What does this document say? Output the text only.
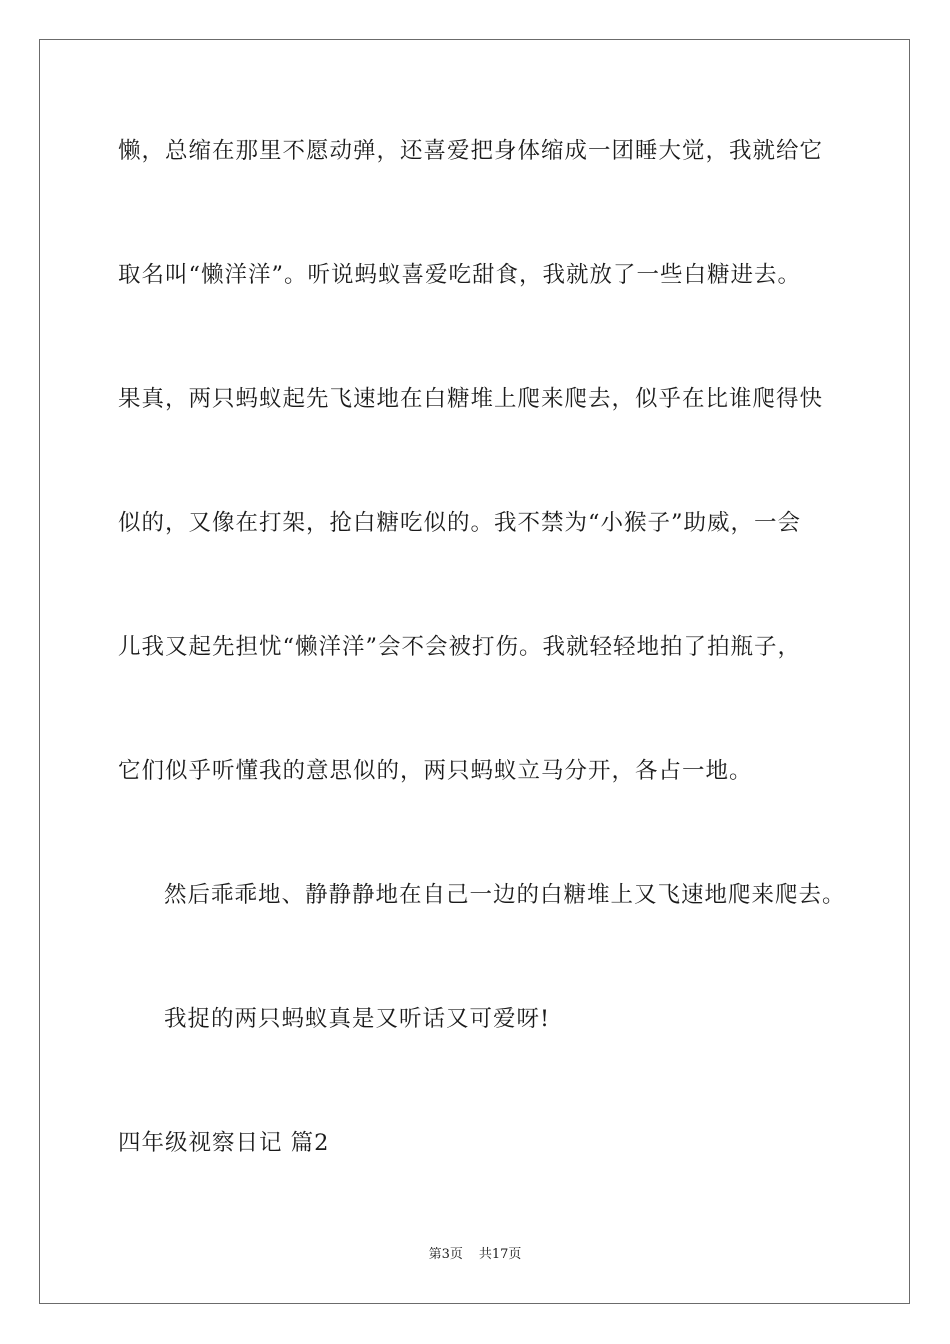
懒，总缩在那里不愿动弹，还喜爱把身体缩成一团睡大觉，我就给它
取名叫“懒洋洋”。听说蚂蚁喜爱吃甜食，我就放了一些白糖进去。
果真，两只蚂蚁起先飞速地在白糖堆上爬来爬去，似乎在比谁爬得快
似的，又像在打架，抢白糖吃似的。我不禁为“小猴子”助威，一会
儿我又起先担忧“懒洋洋”会不会被打伤。我就轻轻地拍了拍瓶子，
它们似乎听懂我的意思似的，两只蚂蚁立马分开，各占一地。
然后乖乖地、静静静地在自己一边的白糖堆上又飞速地爬来爬去。
我捉的两只蚂蚁真是又听话又可爱呀!
四年级视察日记 篇2
第3页 共17页
